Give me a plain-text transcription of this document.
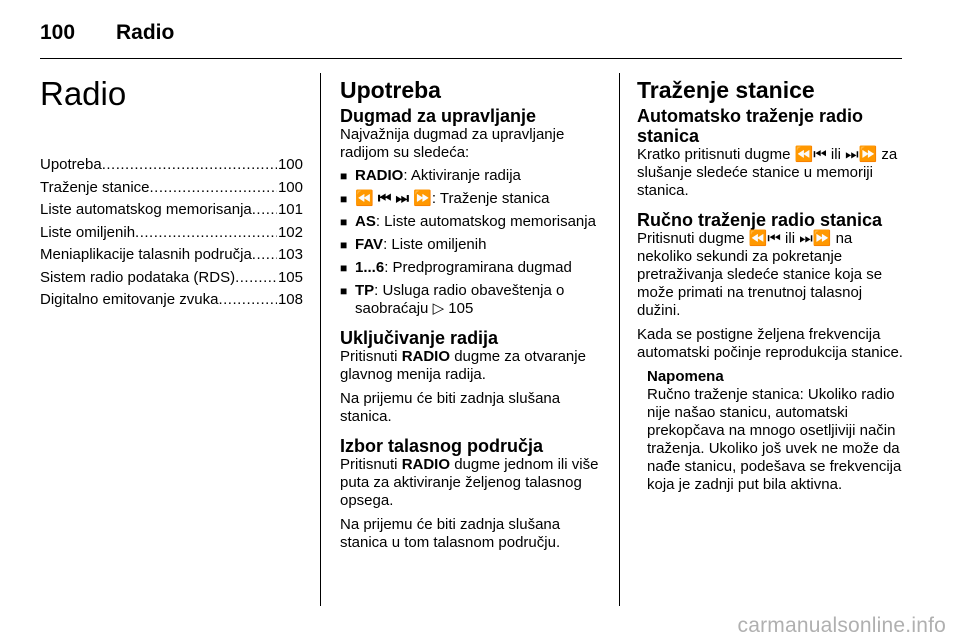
100 Radio
Radio
Upotreba .....	100
Traženje stanice .....	100
Liste automatskog memorisanja ..... 101
Liste omiljenih .....	102
Meniaplikacije talasnih područja ..... 103
Sistem radio podataka (RDS) .....	105
Digitalno emitovanje zvuka .....	108
Upotreba
Dugmad za upravljanje

Najvažnija dugmad za upravljanje radijom su sledeća:

■ RADIO: Aktiviranje radija
■ ⏪ ⏮ ⏭ ⏩: Traženje stanica
■ AS: Liste automatskog memorisanja
■ FAV: Liste omiljenih
■ 1...6: Predprogramirana dugmad
■ TP: Usluga radio obaveštenja o saobraćaju ▷ 105
Uključivanje radija

Pritisnuti RADIO dugme za otvaranje glavnog menija radija.

Na prijemu će biti zadnja slušana stanica.

Izbor talasnog područja

Pritisnuti RADIO dugme jednom ili više puta za aktiviranje željenog talasnog opsega.

Na prijemu će biti zadnja slušana stanica u tom talasnom području.

Traženje stanice
Automatsko traženje radio stanica

Kratko pritisnuti dugme ⏪⏮ ili ⏭⏩ za slušanje sledeće stanice u memoriji stanica.

Ručno traženje radio stanica

Pritisnuti dugme ⏪⏮ ili ⏭⏩ na nekoliko sekundi za pokretanje pretraživanja sledeće stanice koja se može primati na trenutnoj talasnoj dužini.

Kada se postigne željena frekvencija automatski počinje reprodukcija stanice.

Napomena

Ručno traženje stanica: Ukoliko radio nije našao stanicu, automatski prekopčava na mnogo osetljiviji način traženja. Ukoliko još uvek ne može da nađe stanicu, podešava se frekvencija koja je zadnji put bila aktivna.

carmanualsonline.info
